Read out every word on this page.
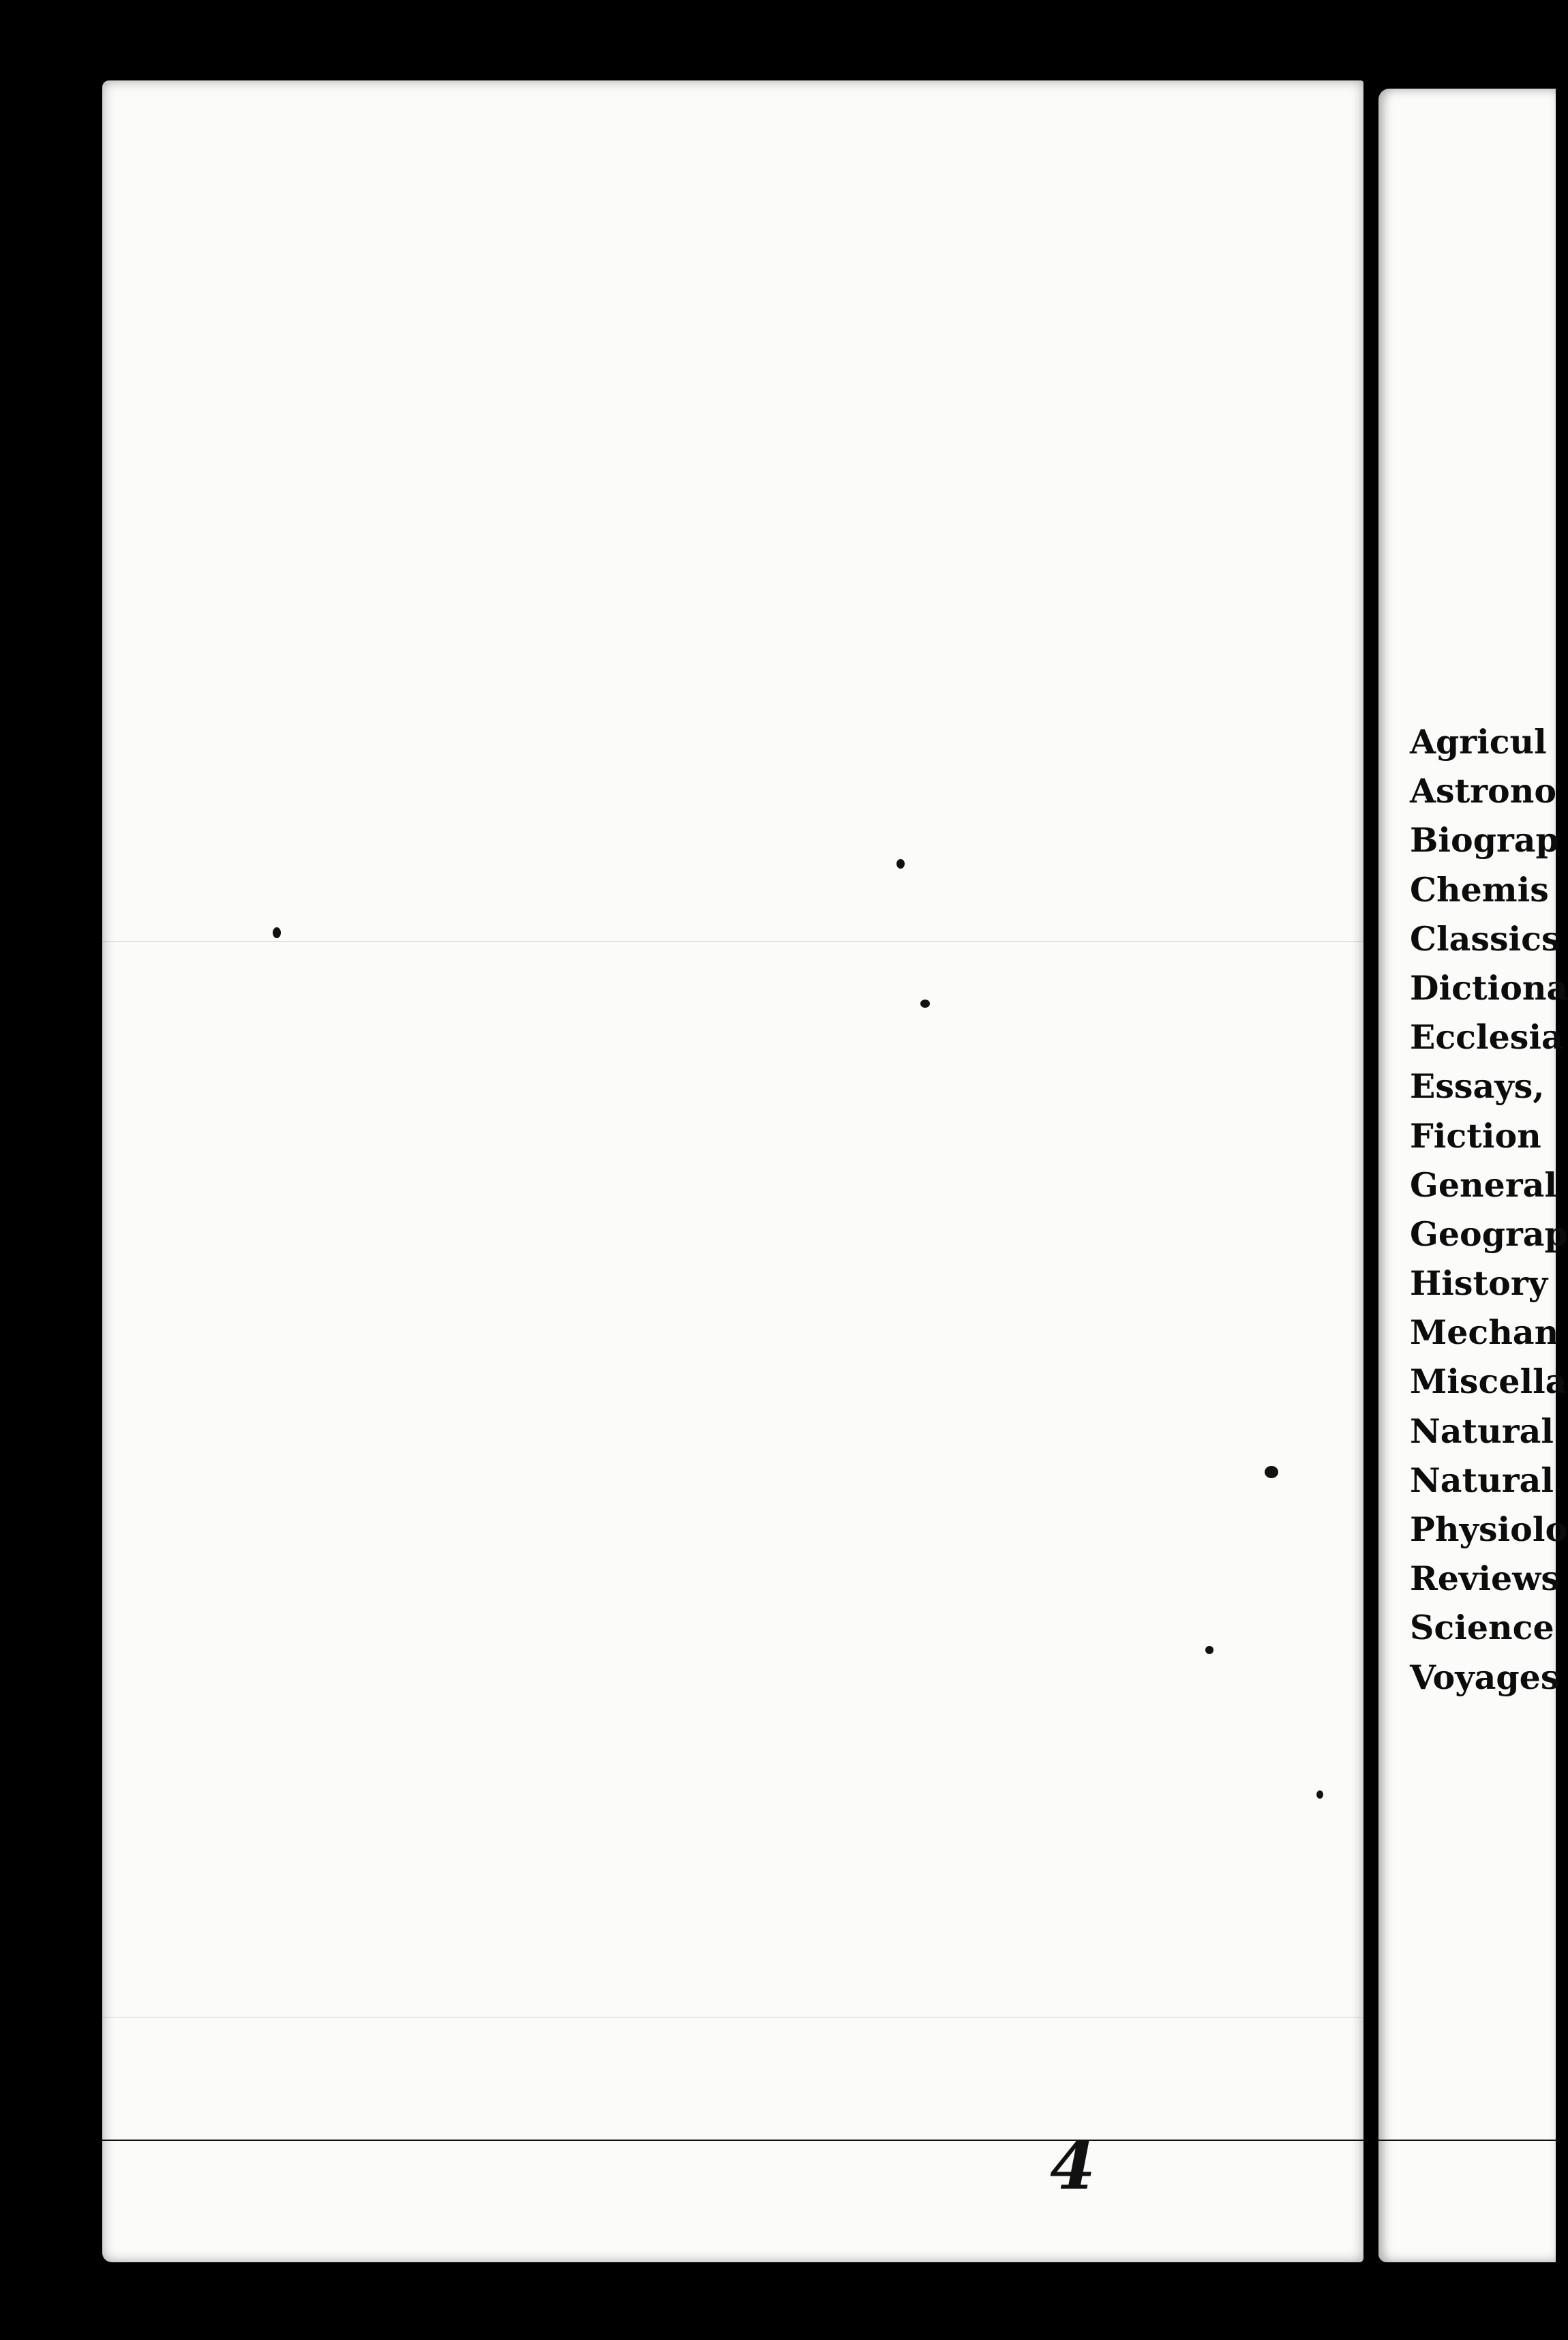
Agricul
Astrono
Biograp
Chemis
Classics
Dictiona
Ecclesia
Essays,
Fiction
General
Geograp
History
Mechan
Miscella
Natural
Natural
Physiolo
Reviews
Science
Voyages
4
